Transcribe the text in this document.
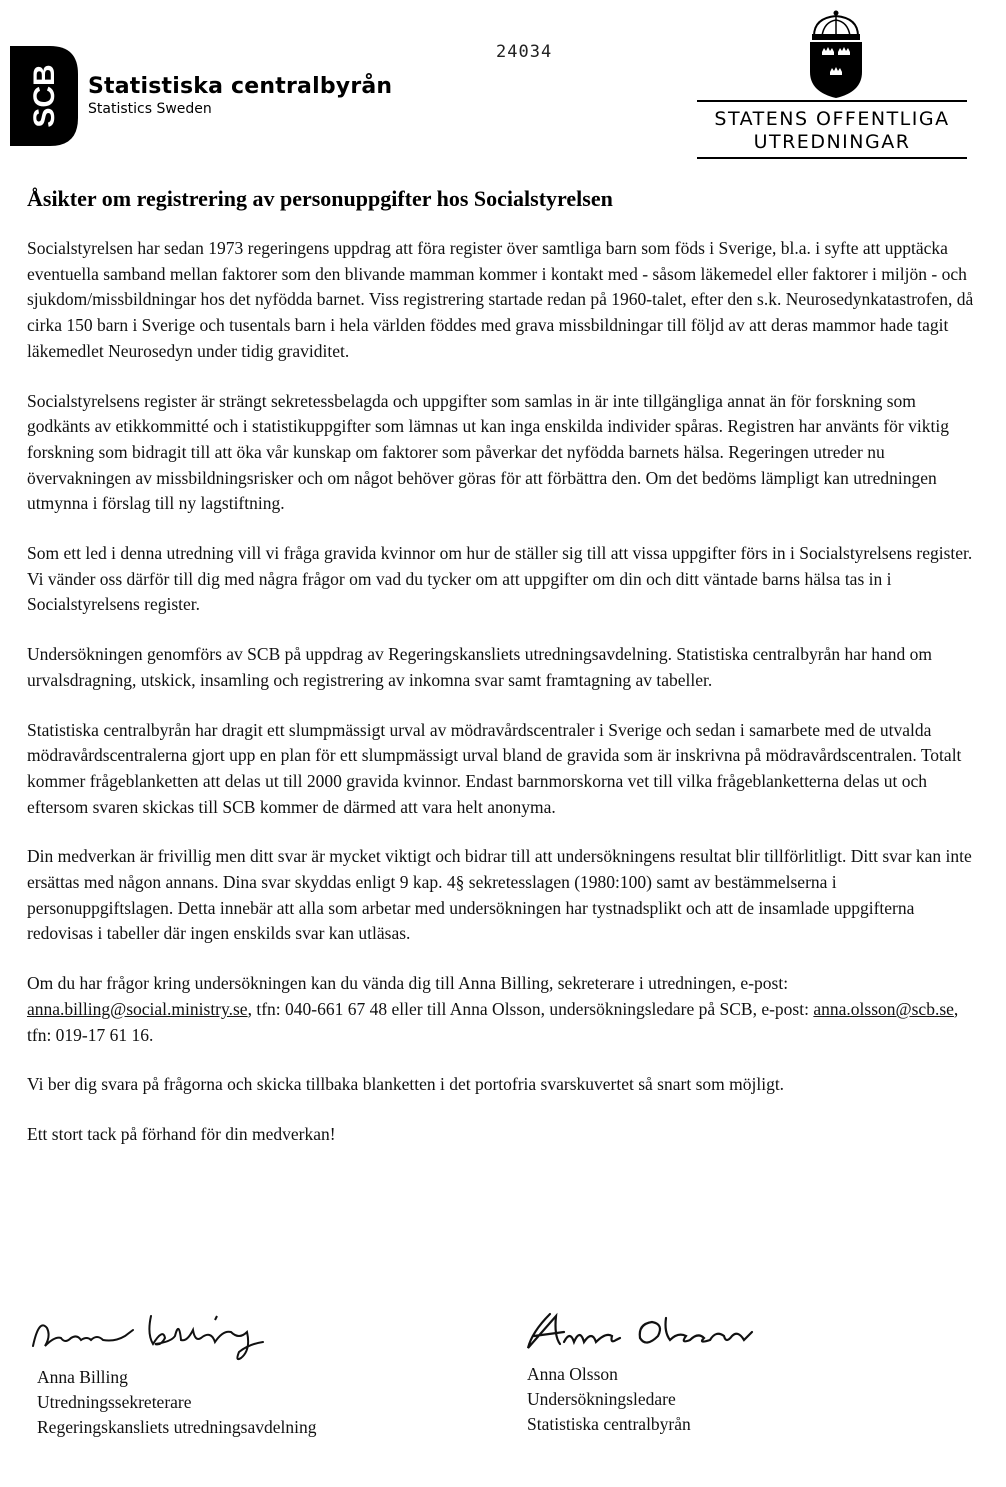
SCB Statistiska centralbyrån
Statistics Sweden
24034
STATENS OFFENTLIGA
UTREDNINGAR
Åsikter om registrering av personuppgifter hos Socialstyrelsen

Socialstyrelsen har sedan 1973 regeringens uppdrag att föra register över samtliga barn som föds i Sverige, bl.a. i syfte att upptäcka eventuella samband mellan faktorer som den blivande mamman kommer i kontakt med - såsom läkemedel eller faktorer i miljön - och sjukdom/missbildningar hos det nyfödda barnet. Viss registrering startade redan på 1960-talet, efter den s.k. Neurosedynkatastrofen, då cirka 150 barn i Sverige och tusentals barn i hela världen föddes med grava missbildningar till följd av att deras mammor hade tagit läkemedlet Neurosedyn under tidig graviditet.

Socialstyrelsens register är strängt sekretessbelagda och uppgifter som samlas in är inte tillgängliga annat än för forskning som godkänts av etikkommitté och i statistikuppgifter som lämnas ut kan inga enskilda individer spåras. Registren har använts för viktig forskning som bidragit till att öka vår kunskap om faktorer som påverkar det nyfödda barnets hälsa. Regeringen utreder nu övervakningen av missbildningsrisker och om något behöver göras för att förbättra den. Om det bedöms lämpligt kan utredningen utmynna i förslag till ny lagstiftning.

Som ett led i denna utredning vill vi fråga gravida kvinnor om hur de ställer sig till att vissa uppgifter förs in i Socialstyrelsens register. Vi vänder oss därför till dig med några frågor om vad du tycker om att uppgifter om din och ditt väntade barns hälsa tas in i Socialstyrelsens register.

Undersökningen genomförs av SCB på uppdrag av Regeringskansliets utredningsavdelning. Statistiska centralbyrån har hand om urvalsdragning, utskick, insamling och registrering av inkomna svar samt framtagning av tabeller.

Statistiska centralbyrån har dragit ett slumpmässigt urval av mödravårdscentraler i Sverige och sedan i samarbete med de utvalda mödravårdscentralerna gjort upp en plan för ett slumpmässigt urval bland de gravida som är inskrivna på mödravårdscentralen. Totalt kommer frågeblanketten att delas ut till 2000 gravida kvinnor. Endast barnmorskorna vet till vilka frågeblanketterna delas ut och eftersom svaren skickas till SCB kommer de därmed att vara helt anonyma.

Din medverkan är frivillig men ditt svar är mycket viktigt och bidrar till att undersökningens resultat blir tillförlitligt. Ditt svar kan inte ersättas med någon annans. Dina svar skyddas enligt 9 kap. 4§ sekretesslagen (1980:100) samt av bestämmelserna i personuppgiftslagen. Detta innebär att alla som arbetar med undersökningen har tystnadsplikt och att de insamlade uppgifterna redovisas i tabeller där ingen enskilds svar kan utläsas.

Om du har frågor kring undersökningen kan du vända dig till Anna Billing, sekreterare i utredningen, e-post: anna.billing@social.ministry.se, tfn: 040-661 67 48 eller till Anna Olsson, undersökningsledare på SCB, e-post: anna.olsson@scb.se, tfn: 019-17 61 16.

Vi ber dig svara på frågorna och skicka tillbaka blanketten i det portofria svarskuvertet så snart som möjligt.

Ett stort tack på förhand för din medverkan!

Anna Billing
Utredningssekreterare
Regeringskansliets utredningsavdelning
Anna Olsson
Undersökningsledare
Statistiska centralbyrån
